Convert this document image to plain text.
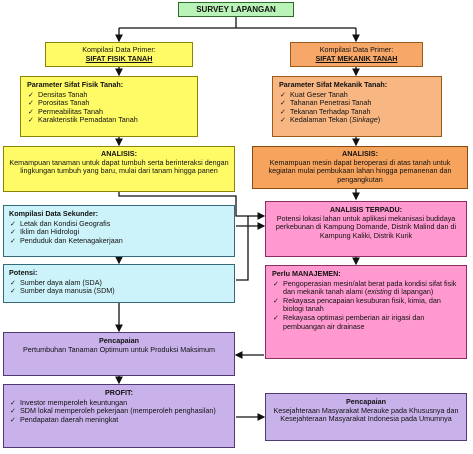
SURVEY LAPANGAN
Kompilasi Data Primer:
SIFAT FISIK TANAH
Kompilasi Data Primer:
SIFAT MEKANIK TANAH
Parameter Sifat Fisik Tanah:
✓ Densitas Tanah
✓ Porositas Tanah
✓ Permeabilitas Tanah
✓ Karakteristik Pemadatan Tanah
Parameter Sifat Mekanik Tanah:
✓ Kuat Geser Tanah
✓ Tahanan Penetrasi Tanah
✓ Tekanan Terhadap Tanah
✓ Kedalaman Tekan (Sinkage)
ANALISIS:
Kemampuan tanaman untuk dapat tumbuh serta berinteraksi dengan lingkungan tumbuh yang baru, mulai dari tanam hingga panen
ANALISIS:
Kemampuan mesin dapat beroperasi di atas tanah untuk kegiatan mulai pembukaan lahan hingga pemanenan dan pengangkutan
Kompilasi Data Sekunder:
✓ Letak dan Kondisi Geografis
✓ Iklim dan Hidrologi
✓ Penduduk dan Ketenagakerjaan
ANALISIS TERPADU:
Potensi lokasi lahan untuk aplikasi mekanisasi budidaya perkebunan di Kampung Domande, Distrik Malind dan di Kampung Kaliki, Distrik Kurik
Potensi:
✓ Sumber daya alam (SDA)
✓ Sumber daya manusia (SDM)
Perlu MANAJEMEN:
✓ Pengoperasian mesin/alat berat pada kondisi sifat fisik dan mekanik tanah alami (existing di lapangan)
✓ Rekayasa pencapaian kesuburan fisik, kimia, dan biologi tanah
✓ Rekayasa optimasi pemberian air irigasi dan pembuangan air drainase
Pencapaian
Pertumbuhan Tanaman Optimum untuk Produksi Maksimum
PROFIT:
✓ Investor memperoleh keuntungan
✓ SDM lokal memperoleh pekerjaan (memperoleh penghasilan)
✓ Pendapatan daerah meningkat
Pencapaian
Kesejahteraan Masyarakat Merauke pada Khususnya dan Kesejahteraan Masyarakat Indonesia pada Umumnya
